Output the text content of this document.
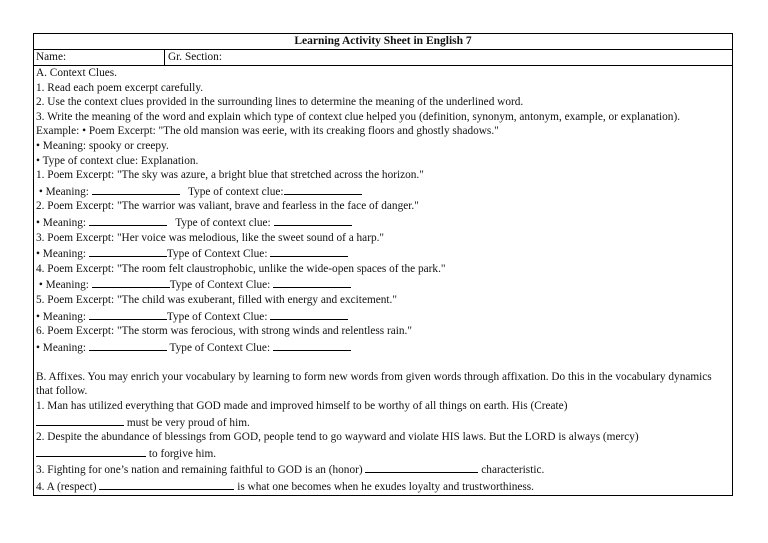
Learning Activity Sheet in English 7
Name:	Gr. Section:
A. Context Clues.
1. Read each poem excerpt carefully.
2. Use the context clues provided in the surrounding lines to determine the meaning of the underlined word.
3. Write the meaning of the word and explain which type of context clue helped you (definition, synonym, antonym, example, or explanation).
Example: • Poem Excerpt: "The old mansion was eerie, with its creaking floors and ghostly shadows."
• Meaning: spooky or creepy.
• Type of context clue: Explanation.
1. Poem Excerpt: "The sky was azure, a bright blue that stretched across the horizon."
• Meaning:	Type of context clue:
2. Poem Excerpt: "The warrior was valiant, brave and fearless in the face of danger."
• Meaning:	Type of context clue:
3. Poem Excerpt: "Her voice was melodious, like the sweet sound of a harp."
• Meaning:	Type of Context Clue:
4. Poem Excerpt: "The room felt claustrophobic, unlike the wide-open spaces of the park."
• Meaning:	Type of Context Clue:
5. Poem Excerpt: "The child was exuberant, filled with energy and excitement."
• Meaning:	Type of Context Clue:
6. Poem Excerpt: "The storm was ferocious, with strong winds and relentless rain."
• Meaning:	Type of Context Clue:
B. Affixes. You may enrich your vocabulary by learning to form new words from given words through affixation. Do this in the vocabulary dynamics that follow.
1. Man has utilized everything that GOD made and improved himself to be worthy of all things on earth. His (Create)
must be very proud of him.
2. Despite the abundance of blessings from GOD, people tend to go wayward and violate HIS laws. But the LORD is always (mercy)
to forgive him.
3. Fighting for one’s nation and remaining faithful to GOD is an (honor)	characteristic.
4. A (respect)	is what one becomes when he exudes loyalty and trustworthiness.
